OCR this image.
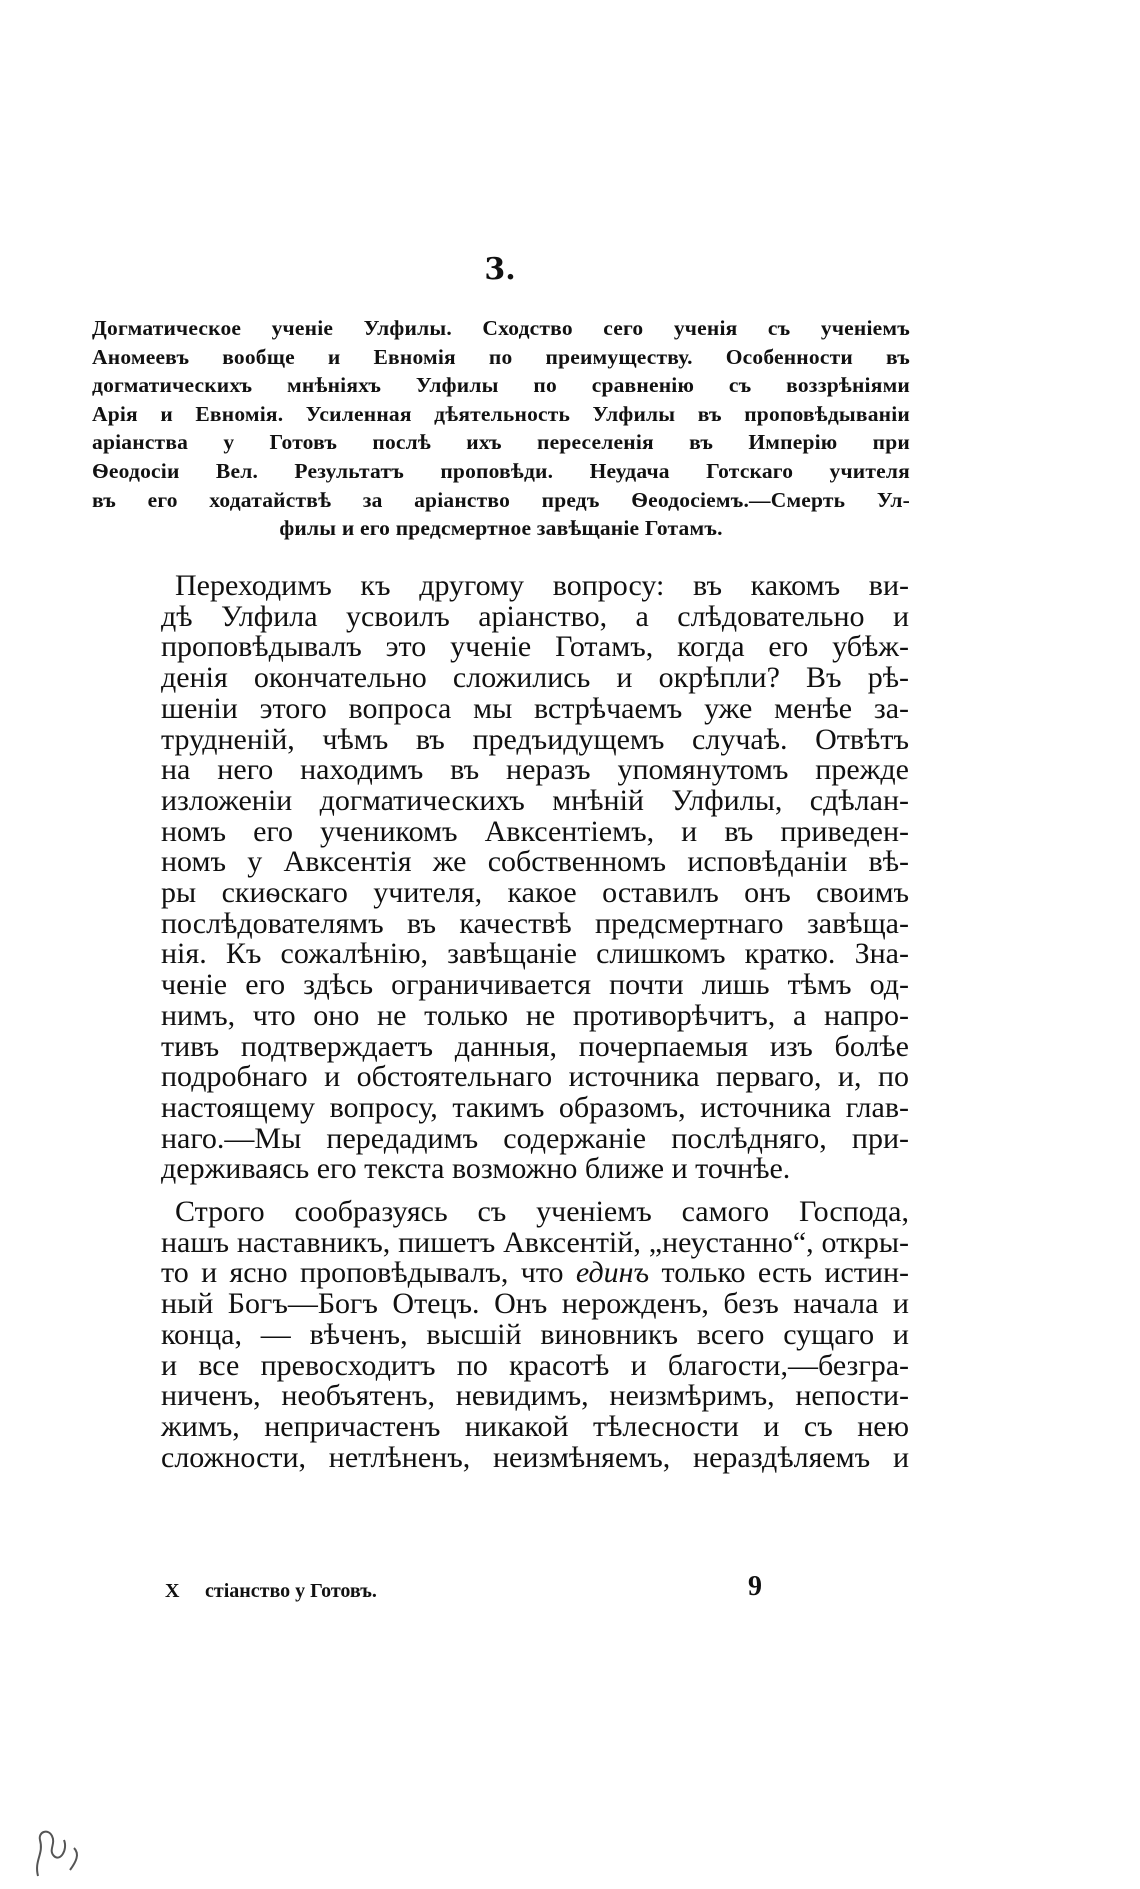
3.
Догматическое ученіе Улфилы. Сходство сего ученія съ ученіемъ
Аномеевъ вообще и Евномія по преимуществу. Особенности въ
догматическихъ мнѣніяхъ Улфилы по сравненію съ воззрѣніями
Арія и Евномія. Усиленная дѣятельность Улфилы въ проповѣдываніи
аріанства у Готовъ послѣ ихъ переселенія въ Имперію при
Ѳеодосіи Вел. Результатъ проповѣди. Неудача Готскаго учителя
въ его ходатайствѣ за аріанство предъ Ѳеодосіемъ.—Смерть Ул-
филы и его предсмертное завѣщаніе Готамъ.
Переходимъ къ другому вопросу: въ какомъ ви-
дѣ Улфила усвоилъ аріанство, а слѣдовательно и
проповѣдывалъ это ученіе Готамъ, когда его убѣж-
денія окончательно сложились и окрѣпли? Въ рѣ-
шеніи этого вопроса мы встрѣчаемъ уже менѣе за-
трудненій, чѣмъ въ предъидущемъ случаѣ. Отвѣтъ
на него находимъ въ неразъ упомянутомъ прежде
изложеніи догматическихъ мнѣній Улфилы, сдѣлан-
номъ его ученикомъ Авксентіемъ, и въ приведен-
номъ у Авксентія же собственномъ исповѣданіи вѣ-
ры скиѳскаго учителя, какое оставилъ онъ своимъ
послѣдователямъ въ качествѣ предсмертнаго завѣща-
нія. Къ сожалѣнію, завѣщаніе слишкомъ кратко. Зна-
ченіе его здѣсь ограничивается почти лишь тѣмъ од-
нимъ, что оно не только не противорѣчитъ, а напро-
тивъ подтверждаетъ данныя, почерпаемыя изъ болѣе
подробнаго и обстоятельнаго источника перваго, и, по
настоящему вопросу, такимъ образомъ, источника глав-
наго.—Мы передадимъ содержаніе послѣдняго, при-
держиваясь его текста возможно ближе и точнѣе.
Строго сообразуясь съ ученіемъ самого Господа,
нашъ наставникъ, пишетъ Авксентій, „неустанно“, откры-
то и ясно проповѣдывалъ, что единъ только есть истин-
ный Богъ—Богъ Отецъ. Онъ нерожденъ, безъ начала и
конца, — вѣченъ, высшій виновникъ всего сущаго и
и все превосходитъ по красотѣ и благости,—безгра-
ниченъ, необъятенъ, невидимъ, неизмѣримъ, непости-
жимъ, непричастенъ никакой тѣлесности и съ нею
сложности, нетлѣненъ, неизмѣняемъ, нераздѣляемъ и
X стіанство у Готовъ.	9
